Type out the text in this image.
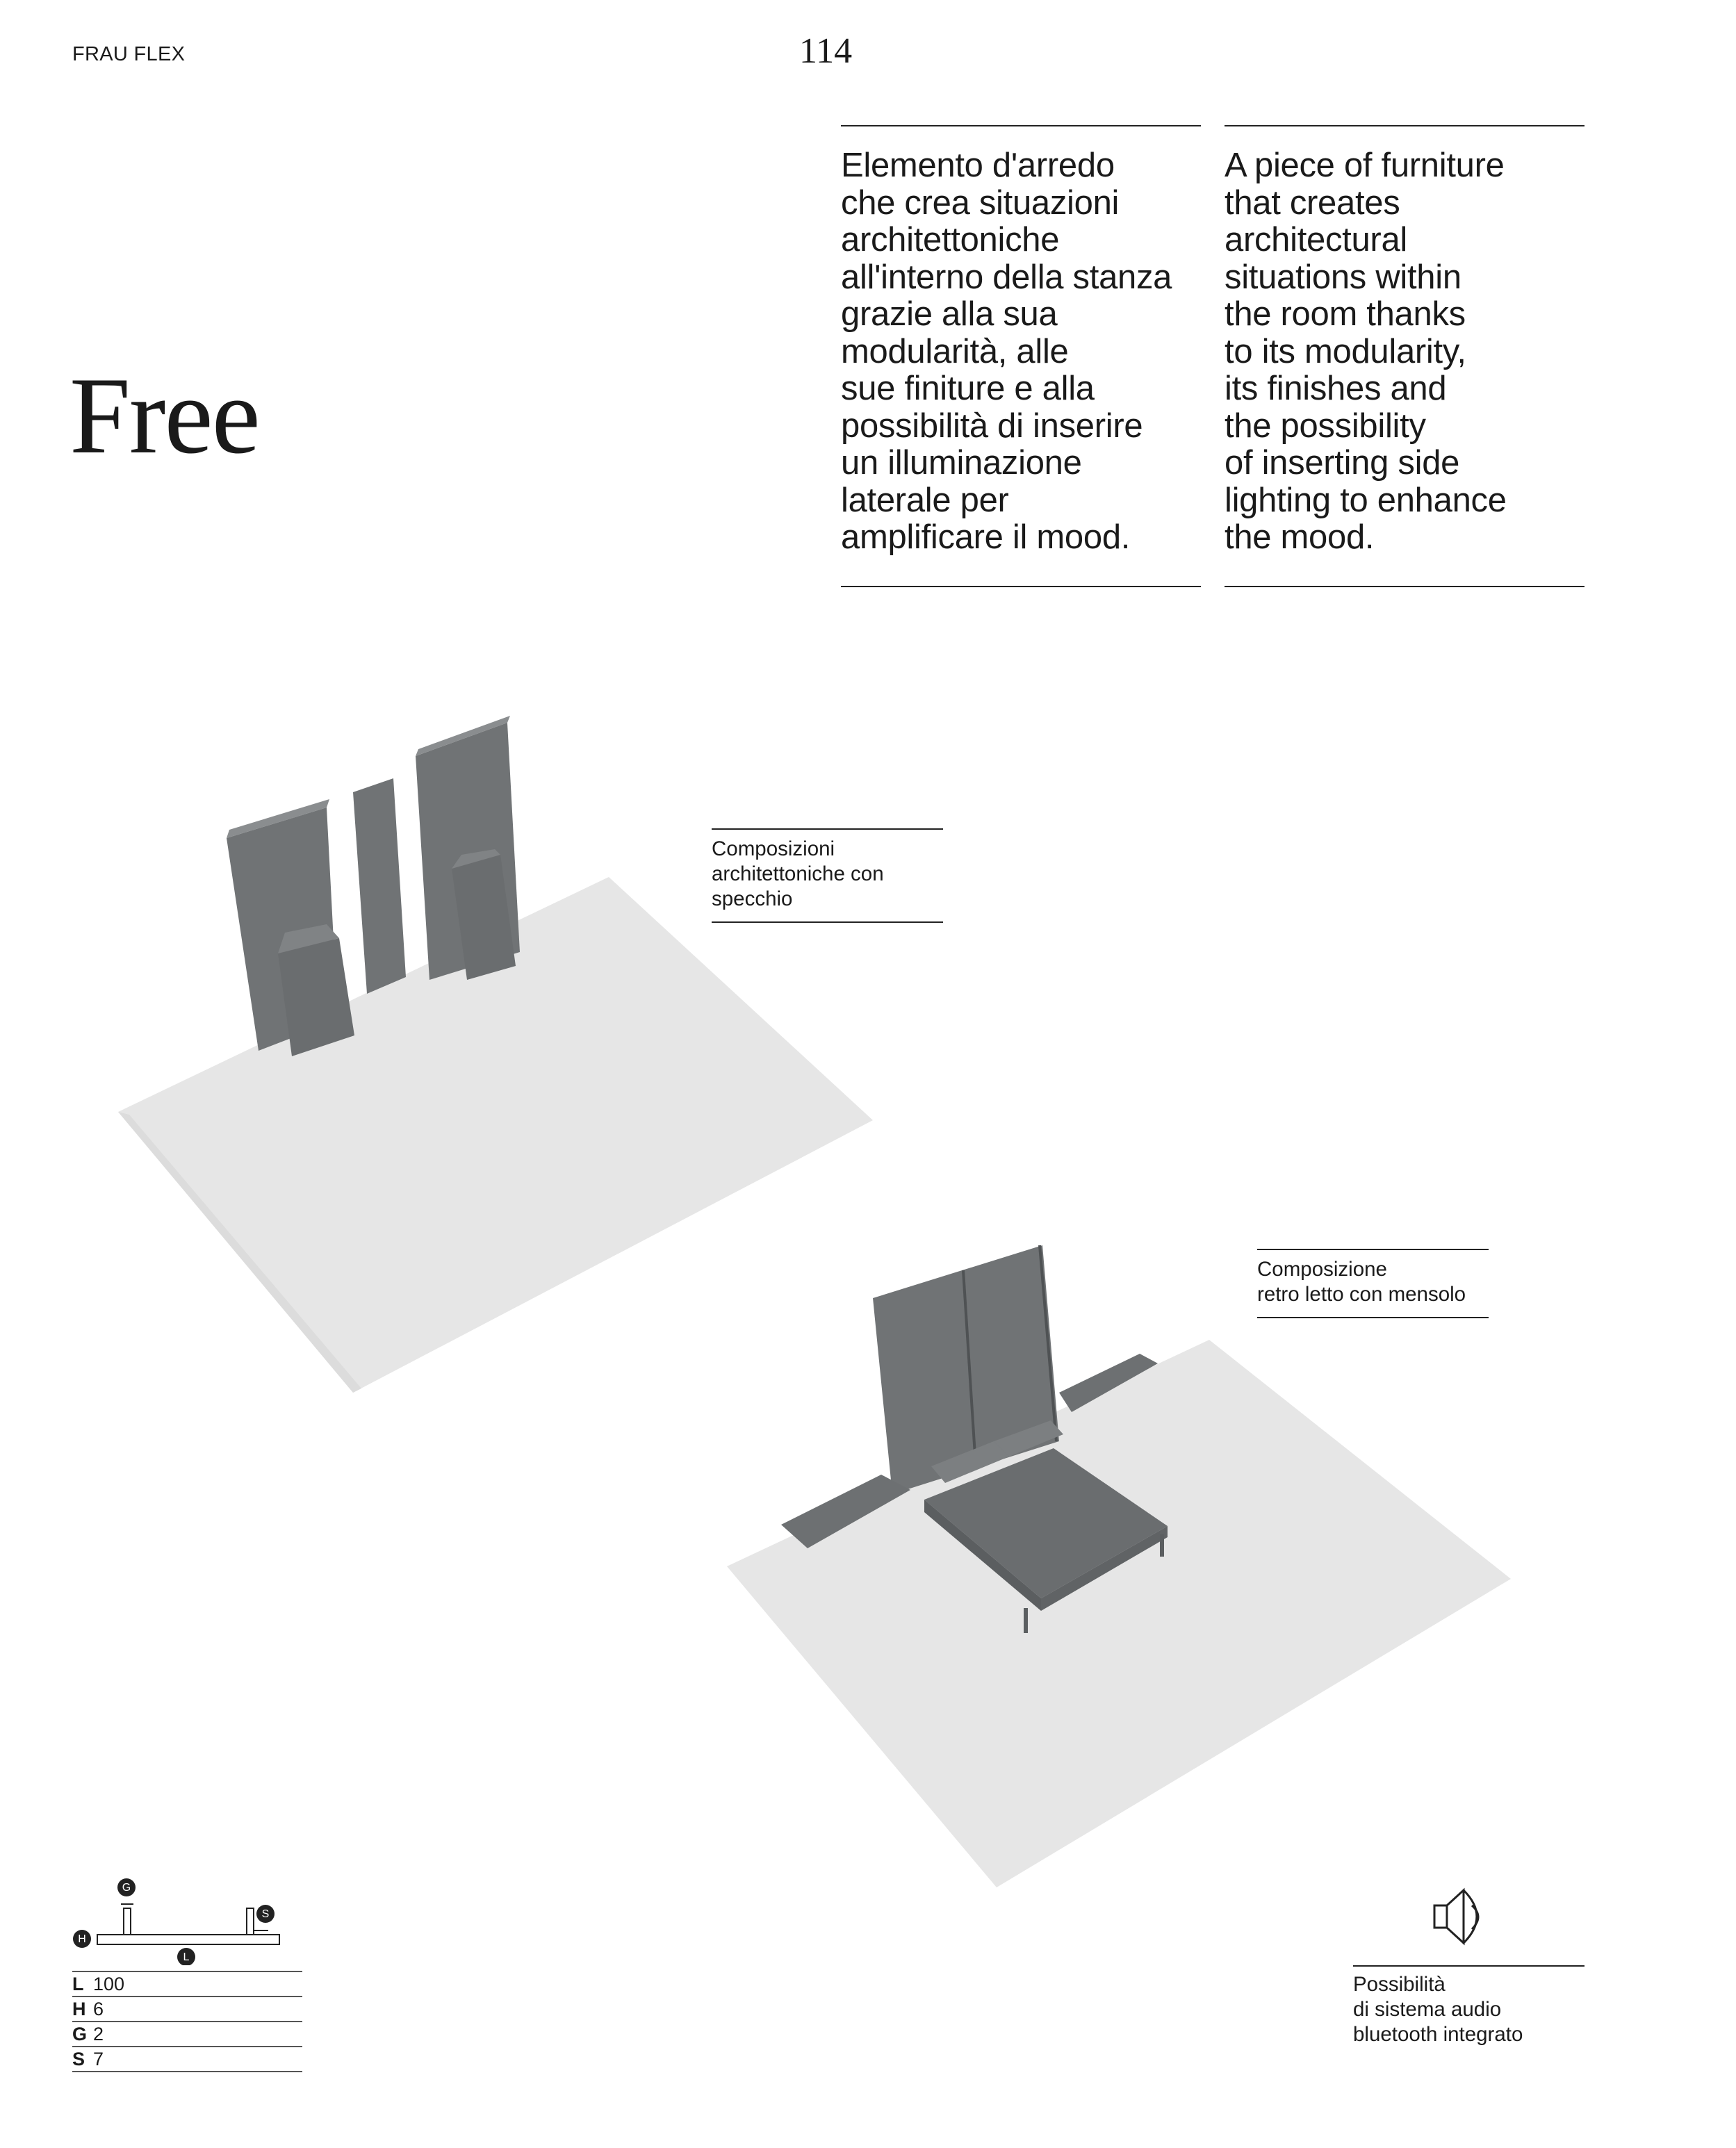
FRAU FLEX	114
Free

Elemento d'arredo
che crea situazioni
architettoniche
all'interno della stanza
grazie alla sua
modularità, alle
sue finiture e alla
possibilità di inserire
un illuminazione
laterale per
amplificare il mood.

A piece of furniture
that creates
architectural
situations within
the room thanks
to its modularity,
its finishes and
the possibility
of inserting side
lighting to enhance
the mood.

Composizioni
architettoniche con
specchio
Composizione
retro letto con mensolo
G
H
S
L
L 100
H 6
G 2
S 7
Possibilità
di sistema audio
bluetooth integrato
